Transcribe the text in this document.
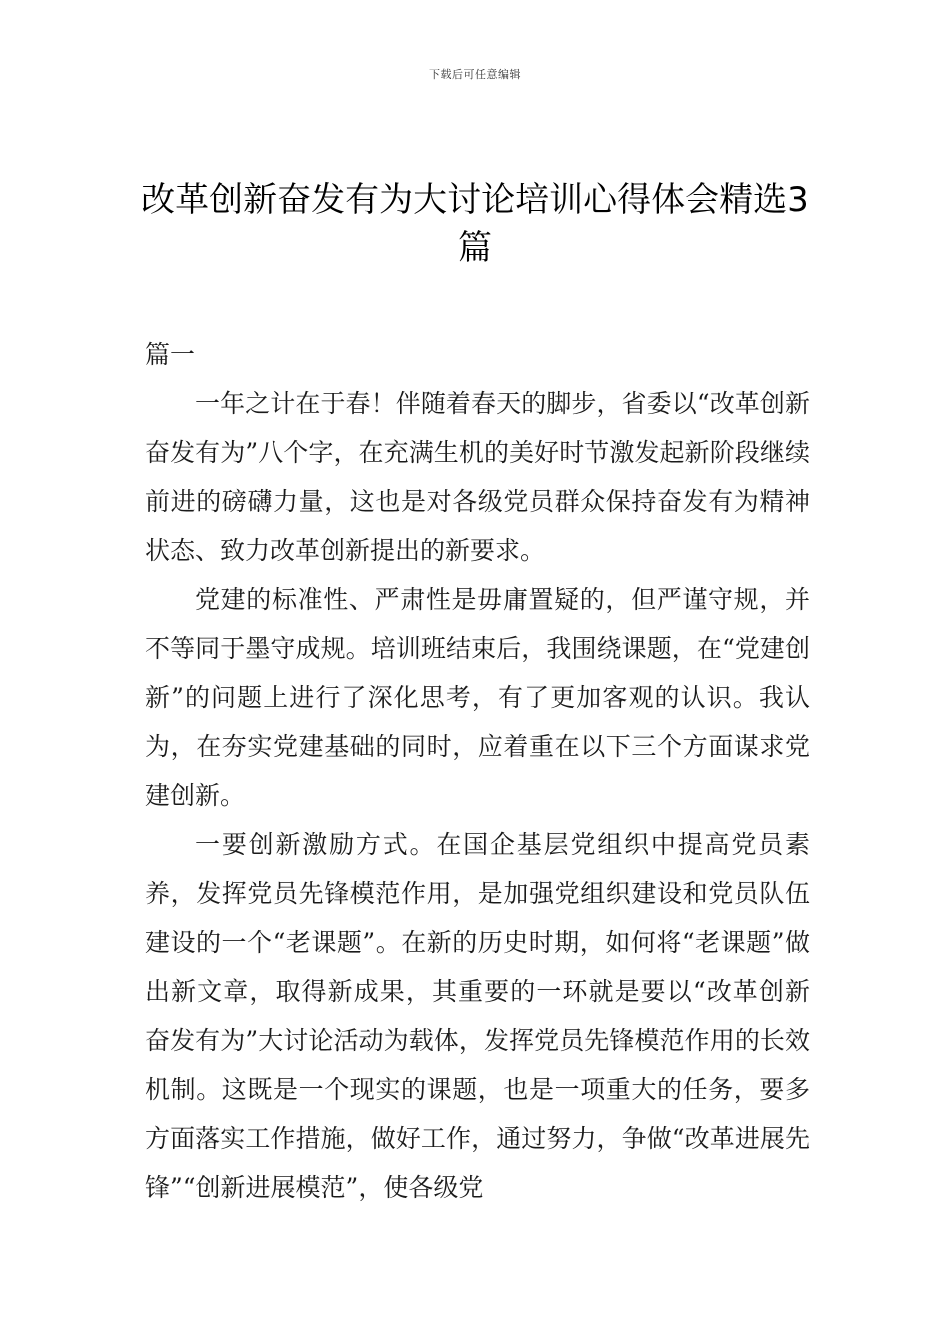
下载后可任意编辑
改革创新奋发有为大讨论培训心得体会精选3篇

篇一

一年之计在于春！伴随着春天的脚步，省委以“改革创新 奋发有为”八个字，在充满生机的美好时节激发起新阶段继续前进的磅礴力量，这也是对各级党员群众保持奋发有为精神状态、致力改革创新提出的新要求。

党建的标准性、严肃性是毋庸置疑的，但严谨守规，并不等同于墨守成规。培训班结束后，我围绕课题，在“党建创新”的问题上进行了深化思考，有了更加客观的认识。我认为，在夯实党建基础的同时，应着重在以下三个方面谋求党建创新。

一要创新激励方式。在国企基层党组织中提高党员素养，发挥党员先锋模范作用，是加强党组织建设和党员队伍建设的一个“老课题”。在新的历史时期，如何将“老课题”做出新文章，取得新成果，其重要的一环就是要以“改革创新 奋发有为”大讨论活动为载体，发挥党员先锋模范作用的长效机制。这既是一个现实的课题，也是一项重大的任务，要多方面落实工作措施，做好工作，通过努力，争做“改革进展先锋”“创新进展模范”，使各级党
